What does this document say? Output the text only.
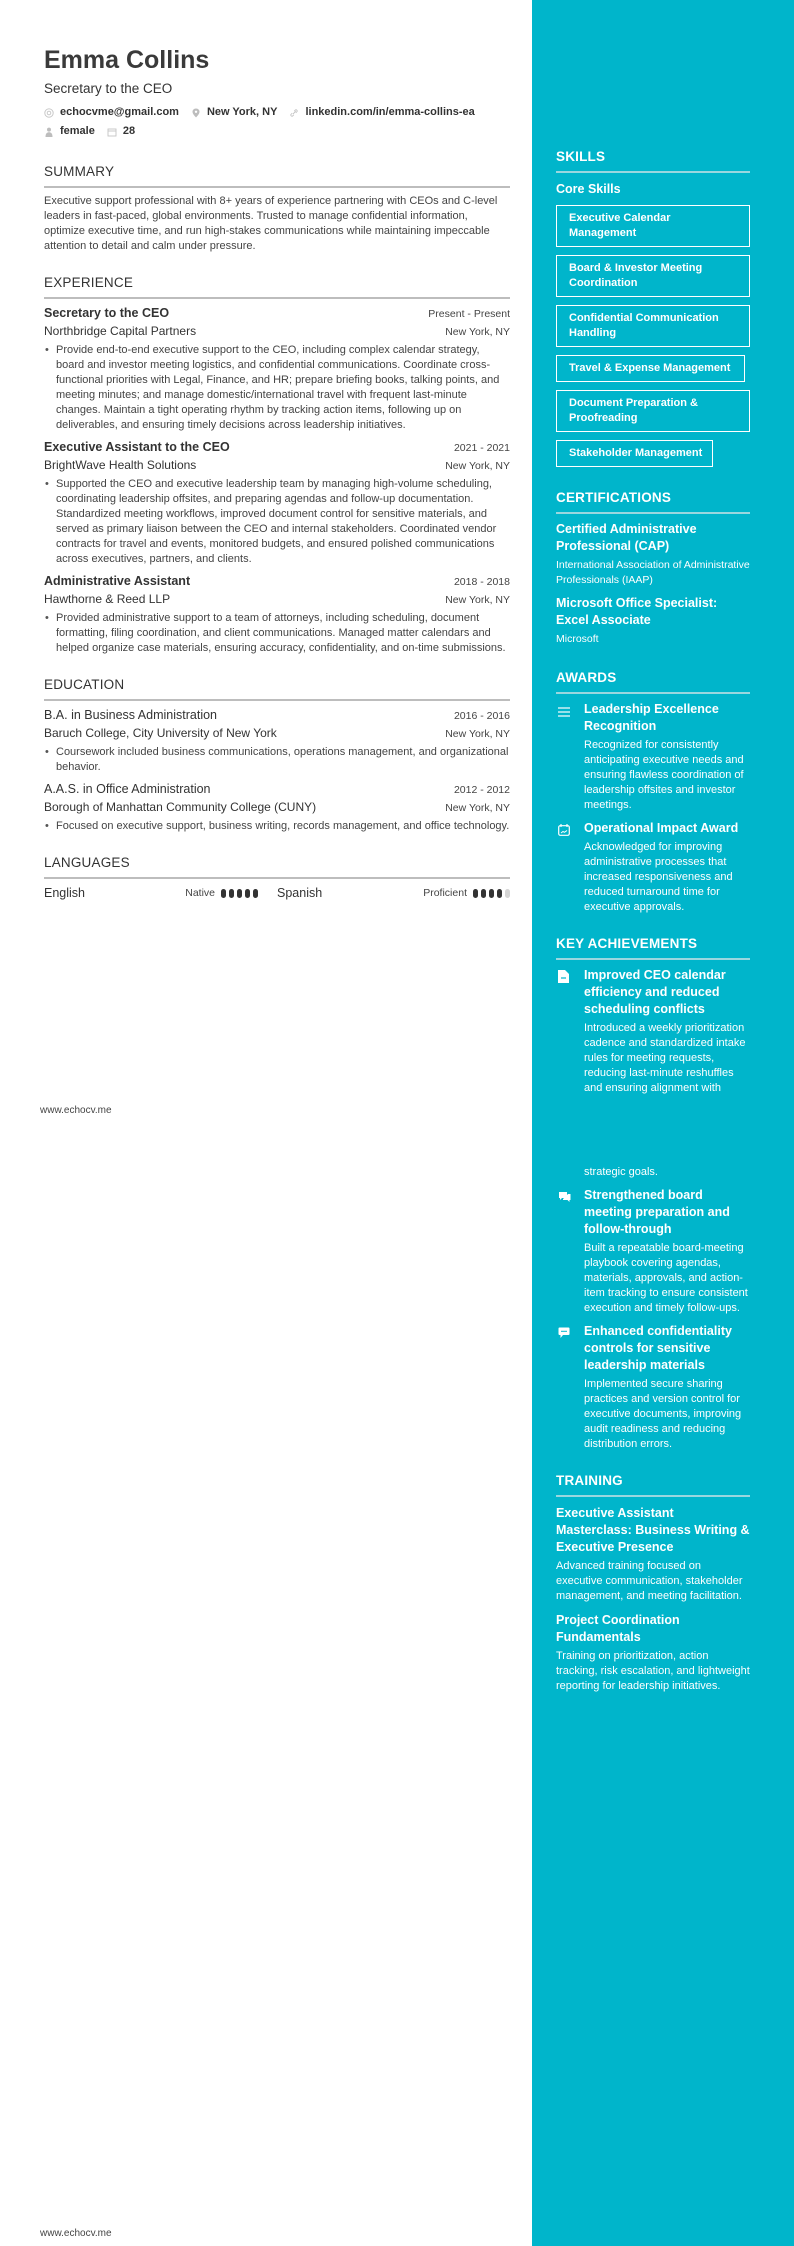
Emma Collins
Secretary to the CEO
echocvme@gmail.com	New York, NY	linkedin.com/in/emma-collins-ea
female	28
SUMMARY

Executive support professional with 8+ years of experience partnering with CEOs and C-level leaders in fast-paced, global environments. Trusted to manage confidential information, optimize executive time, and run high-stakes communications while maintaining impeccable attention to detail and calm under pressure.

EXPERIENCE
Secretary to the CEO	Present - Present
Northbridge Capital Partners	New York, NY
• Provide end-to-end executive support to the CEO, including complex calendar strategy, board and investor meeting logistics, and confidential communications. Coordinate cross-functional priorities with Legal, Finance, and HR; prepare briefing books, talking points, and meeting minutes; and manage domestic/international travel with frequent last-minute changes. Maintain a tight operating rhythm by tracking action items, following up on deliverables, and ensuring timely decisions across leadership initiatives.
Executive Assistant to the CEO	2021 - 2021
BrightWave Health Solutions	New York, NY
• Supported the CEO and executive leadership team by managing high-volume scheduling, coordinating leadership offsites, and preparing agendas and follow-up documentation. Standardized meeting workflows, improved document control for sensitive materials, and served as primary liaison between the CEO and internal stakeholders. Coordinated vendor contracts for travel and events, monitored budgets, and ensured polished communications across executives, partners, and clients.
Administrative Assistant	2018 - 2018
Hawthorne & Reed LLP	New York, NY
• Provided administrative support to a team of attorneys, including scheduling, document formatting, filing coordination, and client communications. Managed matter calendars and helped organize case materials, ensuring accuracy, confidentiality, and on-time submissions.
EDUCATION
B.A. in Business Administration	2016 - 2016
Baruch College, City University of New York	New York, NY
• Coursework included business communications, operations management, and organizational behavior.
A.A.S. in Office Administration	2012 - 2012
Borough of Manhattan Community College (CUNY)	New York, NY
• Focused on executive support, business writing, records management, and office technology.
LANGUAGES
English	Native	Spanish	Proficient
www.echocv.me
www.echocv.me
SKILLS
Core Skills
Executive Calendar Management
Board & Investor Meeting Coordination
Confidential Communication Handling
Travel & Expense Management
Document Preparation & Proofreading
Stakeholder Management
CERTIFICATIONS
Certified Administrative Professional (CAP)
International Association of Administrative Professionals (IAAP)
Microsoft Office Specialist: Excel Associate
Microsoft
AWARDS
Leadership Excellence Recognition
Recognized for consistently anticipating executive needs and ensuring flawless coordination of leadership offsites and investor meetings.
Operational Impact Award
Acknowledged for improving administrative processes that increased responsiveness and reduced turnaround time for executive approvals.
KEY ACHIEVEMENTS
Improved CEO calendar efficiency and reduced scheduling conflicts
Introduced a weekly prioritization cadence and standardized intake rules for meeting requests, reducing last-minute reshuffles and ensuring alignment with
strategic goals.
Strengthened board meeting preparation and follow-through
Built a repeatable board-meeting playbook covering agendas, materials, approvals, and action-item tracking to ensure consistent execution and timely follow-ups.
Enhanced confidentiality controls for sensitive leadership materials
Implemented secure sharing practices and version control for executive documents, improving audit readiness and reducing distribution errors.
TRAINING
Executive Assistant Masterclass: Business Writing & Executive Presence
Advanced training focused on executive communication, stakeholder management, and meeting facilitation.
Project Coordination Fundamentals
Training on prioritization, action tracking, risk escalation, and lightweight reporting for leadership initiatives.
